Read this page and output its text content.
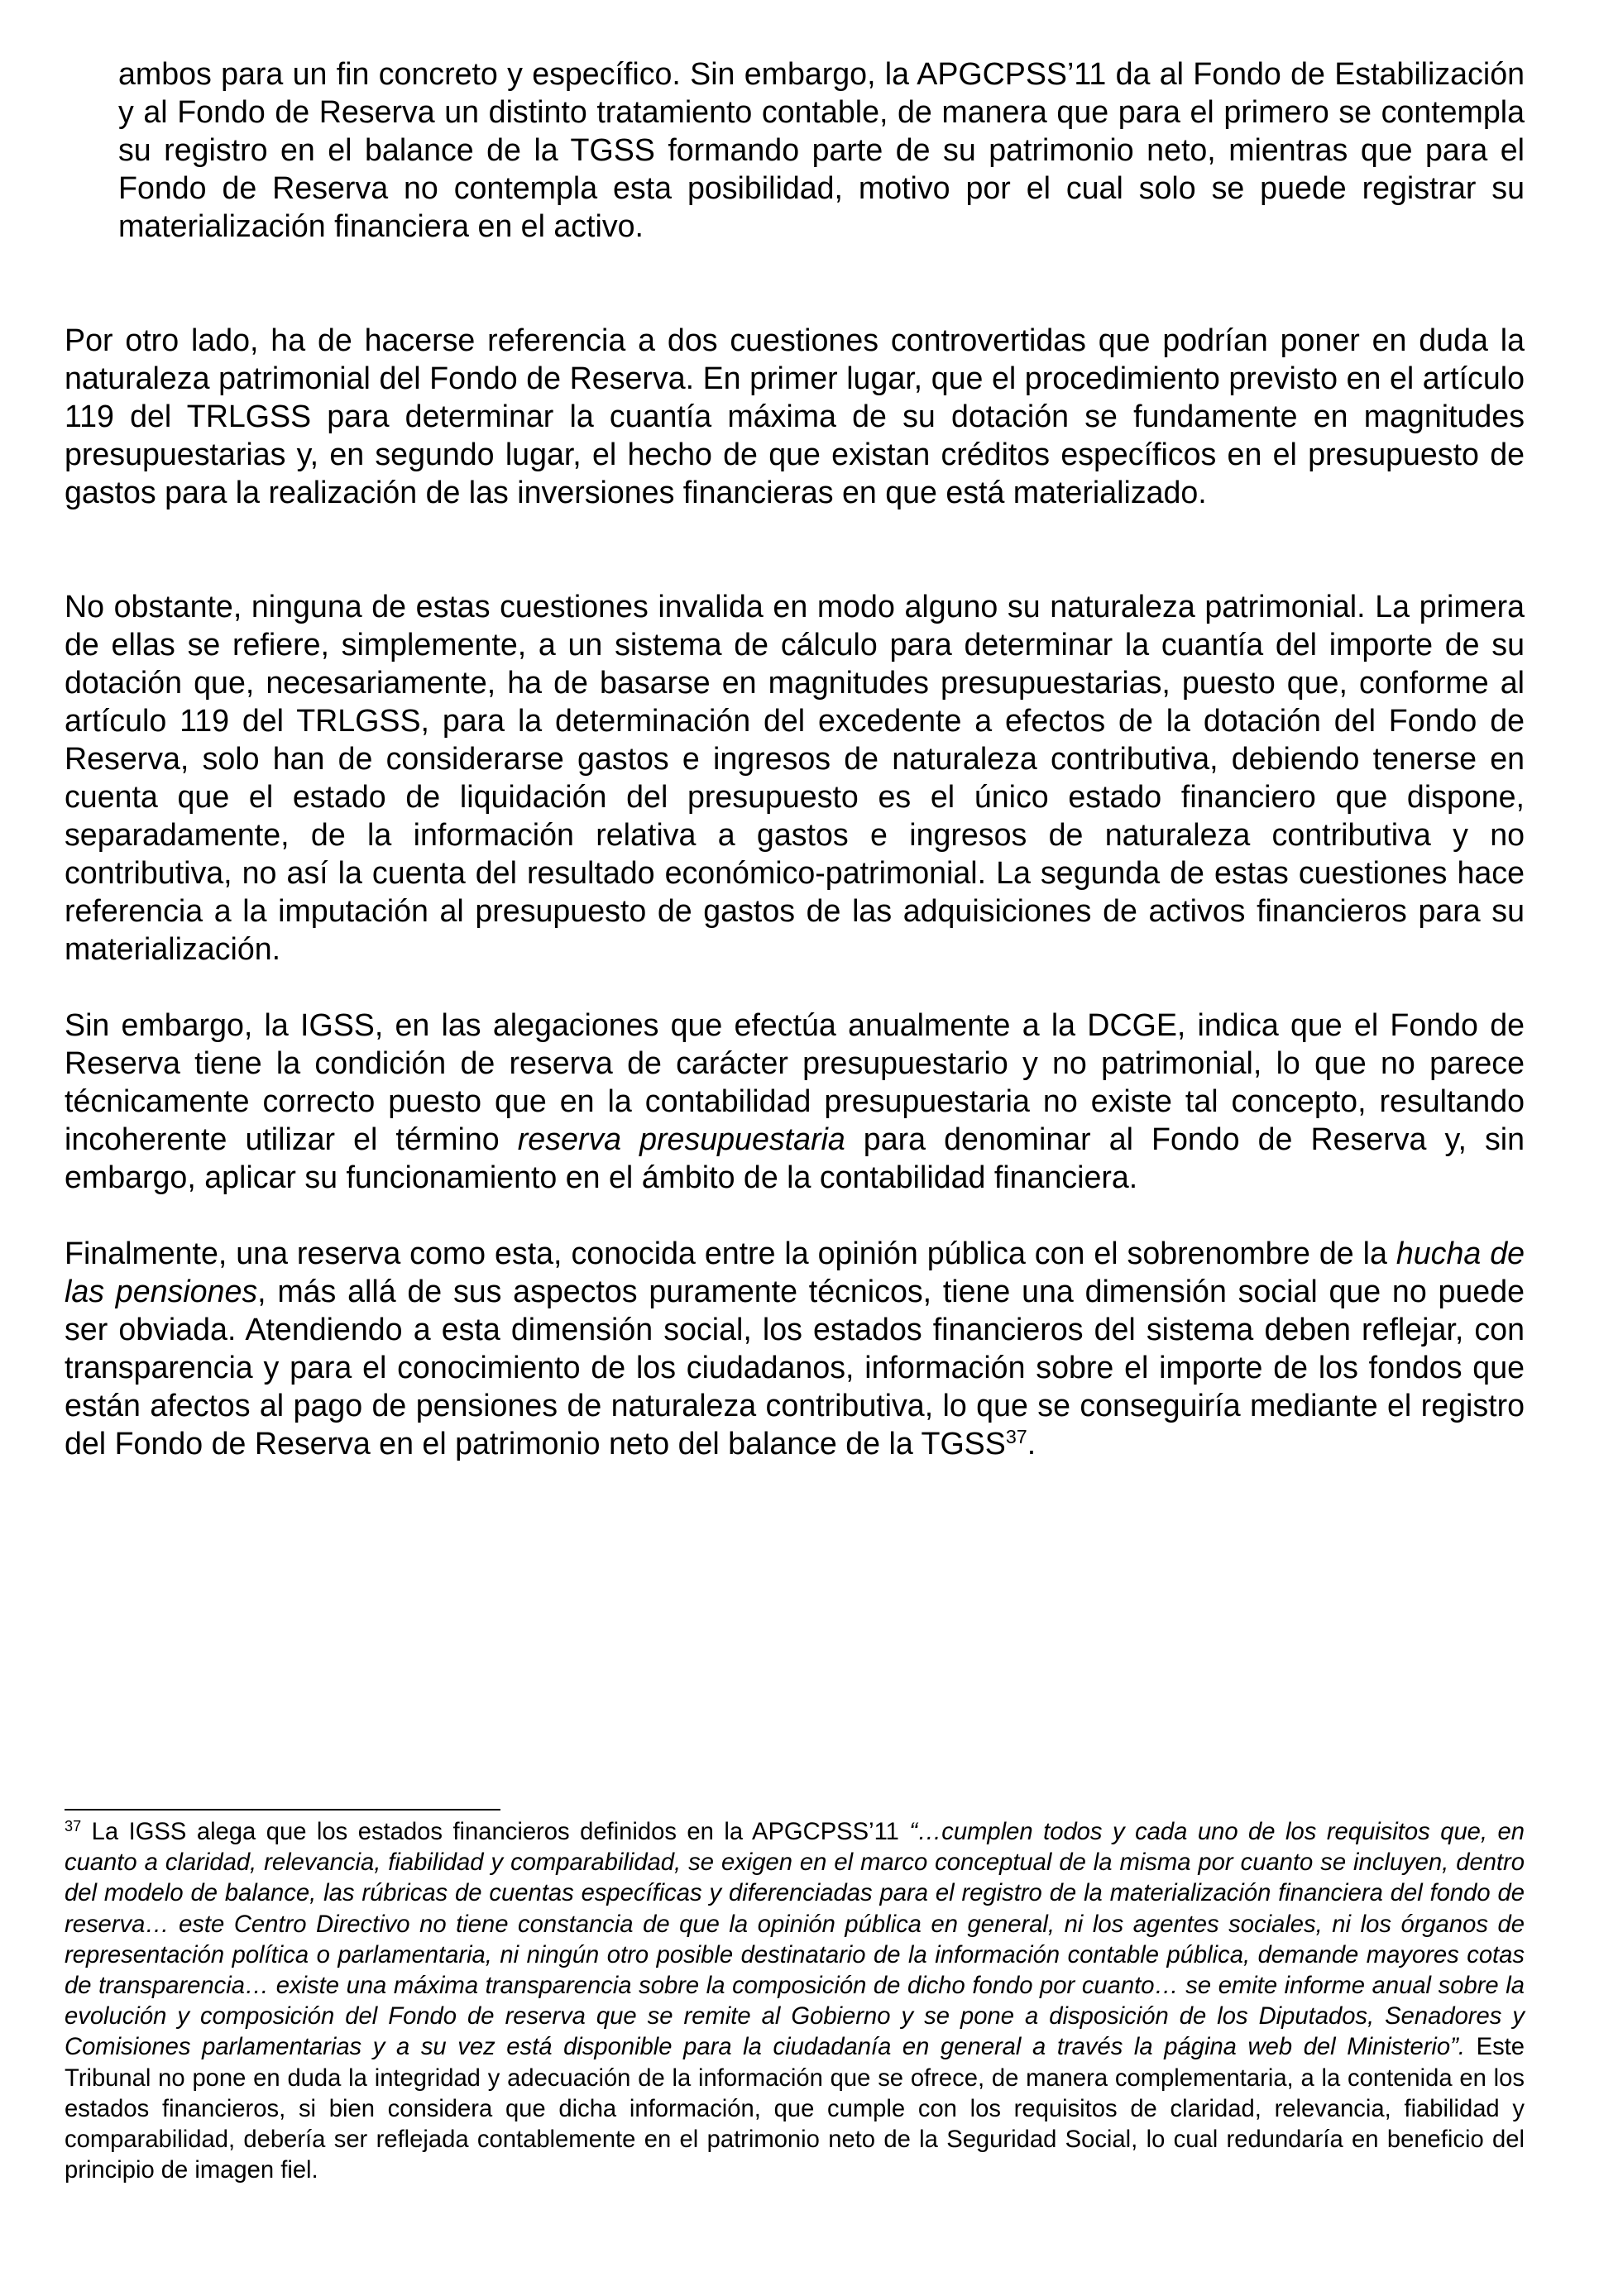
ambos para un fin concreto y específico. Sin embargo, la APGCPSS’11 da al Fondo de Estabilización y al Fondo de Reserva un distinto tratamiento contable, de manera que para el primero se contempla su registro en el balance de la TGSS formando parte de su patrimonio neto, mientras que para el Fondo de Reserva no contempla esta posibilidad, motivo por el cual solo se puede registrar su materialización financiera en el activo.

Por otro lado, ha de hacerse referencia a dos cuestiones controvertidas que podrían poner en duda la naturaleza patrimonial del Fondo de Reserva. En primer lugar, que el procedimiento previsto en el artículo 119 del TRLGSS para determinar la cuantía máxima de su dotación se fundamente en magnitudes presupuestarias y, en segundo lugar, el hecho de que existan créditos específicos en el presupuesto de gastos para la realización de las inversiones financieras en que está materializado.

No obstante, ninguna de estas cuestiones invalida en modo alguno su naturaleza patrimonial. La primera de ellas se refiere, simplemente, a un sistema de cálculo para determinar la cuantía del importe de su dotación que, necesariamente, ha de basarse en magnitudes presupuestarias, puesto que, conforme al artículo 119 del TRLGSS, para la determinación del excedente a efectos de la dotación del Fondo de Reserva, solo han de considerarse gastos e ingresos de naturaleza contributiva, debiendo tenerse en cuenta que el estado de liquidación del presupuesto es el único estado financiero que dispone, separadamente, de la información relativa a gastos e ingresos de naturaleza contributiva y no contributiva, no así la cuenta del resultado económico-patrimonial. La segunda de estas cuestiones hace referencia a la imputación al presupuesto de gastos de las adquisiciones de activos financieros para su materialización.

Sin embargo, la IGSS, en las alegaciones que efectúa anualmente a la DCGE, indica que el Fondo de Reserva tiene la condición de reserva de carácter presupuestario y no patrimonial, lo que no parece técnicamente correcto puesto que en la contabilidad presupuestaria no existe tal concepto, resultando incoherente utilizar el término reserva presupuestaria para denominar al Fondo de Reserva y, sin embargo, aplicar su funcionamiento en el ámbito de la contabilidad financiera.

Finalmente, una reserva como esta, conocida entre la opinión pública con el sobrenombre de la hucha de las pensiones, más allá de sus aspectos puramente técnicos, tiene una dimensión social que no puede ser obviada. Atendiendo a esta dimensión social, los estados financieros del sistema deben reflejar, con transparencia y para el conocimiento de los ciudadanos, información sobre el importe de los fondos que están afectos al pago de pensiones de naturaleza contributiva, lo que se conseguiría mediante el registro del Fondo de Reserva en el patrimonio neto del balance de la TGSS$^{37}$.

$^{37}$ La IGSS alega que los estados financieros definidos en la APGCPSS’11 “…cumplen todos y cada uno de los requisitos que, en cuanto a claridad, relevancia, fiabilidad y comparabilidad, se exigen en el marco conceptual de la misma por cuanto se incluyen, dentro del modelo de balance, las rúbricas de cuentas específicas y diferenciadas para el registro de la materialización financiera del fondo de reserva… este Centro Directivo no tiene constancia de que la opinión pública en general, ni los agentes sociales, ni los órganos de representación política o parlamentaria, ni ningún otro posible destinatario de la información contable pública, demande mayores cotas de transparencia… existe una máxima transparencia sobre la composición de dicho fondo por cuanto… se emite informe anual sobre la evolución y composición del Fondo de reserva que se remite al Gobierno y se pone a disposición de los Diputados, Senadores y Comisiones parlamentarias y a su vez está disponible para la ciudadanía en general a través la página web del Ministerio”. Este Tribunal no pone en duda la integridad y adecuación de la información que se ofrece, de manera complementaria, a la contenida en los estados financieros, si bien considera que dicha información, que cumple con los requisitos de claridad, relevancia, fiabilidad y comparabilidad, debería ser reflejada contablemente en el patrimonio neto de la Seguridad Social, lo cual redundaría en beneficio del principio de imagen fiel.
